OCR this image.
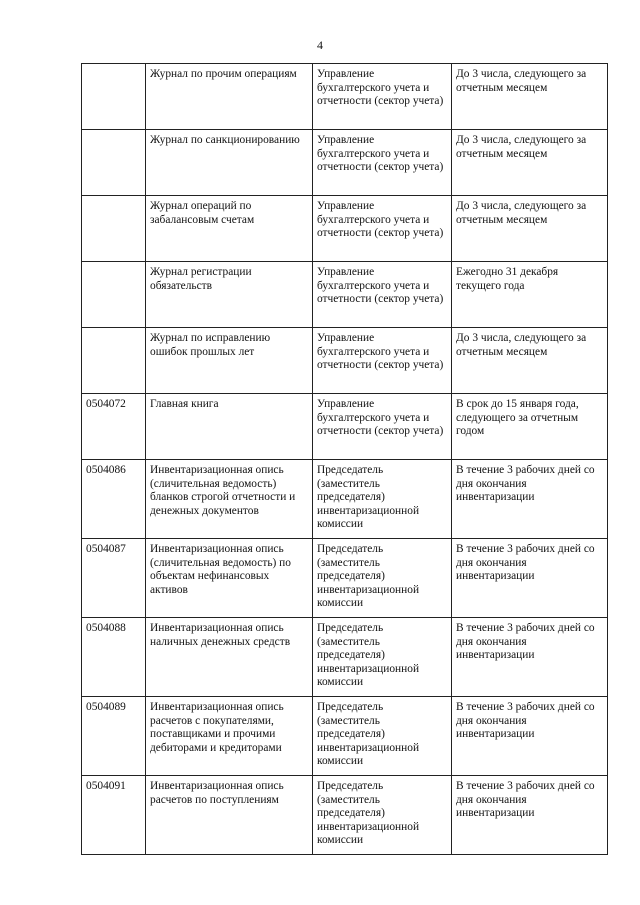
4
	Журнал по прочим операциям	Управление бухгалтерского учета и отчетности (сектор учета)	До 3 числа, следующего за отчетным месяцем
	Журнал по санкционированию	Управление бухгалтерского учета и отчетности (сектор учета)	До 3 числа, следующего за отчетным месяцем
	Журнал операций по забалансовым счетам	Управление бухгалтерского учета и отчетности (сектор учета)	До 3 числа, следующего за отчетным месяцем
	Журнал регистрации обязательств	Управление бухгалтерского учета и отчетности (сектор учета)	Ежегодно 31 декабря текущего года
	Журнал по исправлению ошибок прошлых лет	Управление бухгалтерского учета и отчетности (сектор учета)	До 3 числа, следующего за отчетным месяцем
0504072	Главная книга	Управление бухгалтерского учета и отчетности (сектор учета)	В срок до 15 января года, следующего за отчетным годом
0504086	Инвентаризационная опись (сличительная ведомость) бланков строгой отчетности и денежных документов	Председатель (заместитель председателя) инвентаризационной комиссии	В течение 3 рабочих дней со дня окончания инвентаризации
0504087	Инвентаризационная опись (сличительная ведомость) по объектам нефинансовых активов	Председатель (заместитель председателя) инвентаризационной комиссии	В течение 3 рабочих дней со дня окончания инвентаризации
0504088	Инвентаризационная опись наличных денежных средств	Председатель (заместитель председателя) инвентаризационной комиссии	В течение 3 рабочих дней со дня окончания инвентаризации
0504089	Инвентаризационная опись расчетов с покупателями, поставщиками и прочими дебиторами и кредиторами	Председатель (заместитель председателя) инвентаризационной комиссии	В течение 3 рабочих дней со дня окончания инвентаризации
0504091	Инвентаризационная опись расчетов по поступлениям	Председатель (заместитель председателя) инвентаризационной комиссии	В течение 3 рабочих дней со дня окончания инвентаризации
